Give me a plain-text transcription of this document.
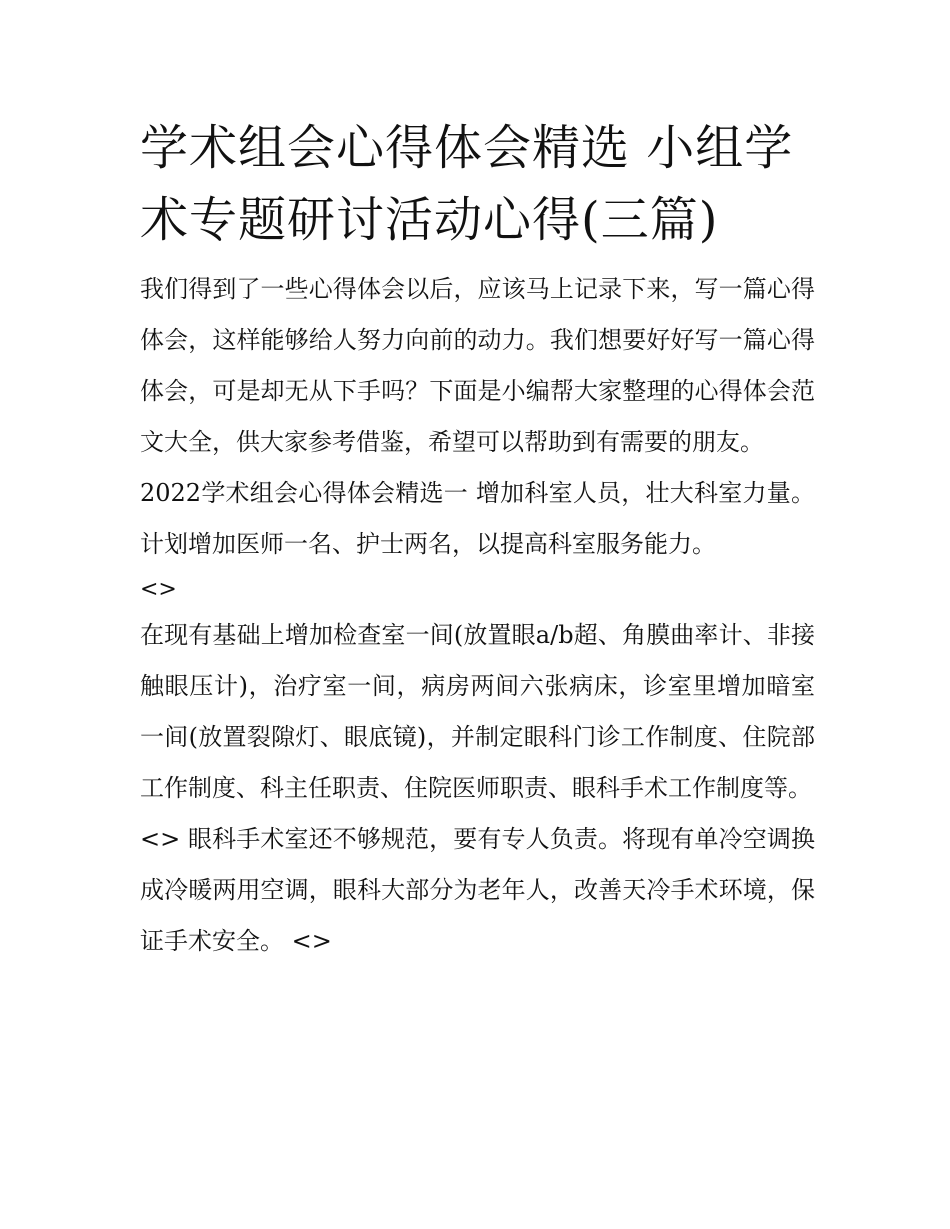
学术组会心得体会精选 小组学术专题研讨活动心得(三篇)

我们得到了一些心得体会以后，应该马上记录下来，写一篇心得体会，这样能够给人努力向前的动力。我们想要好好写一篇心得体会，可是却无从下手吗？下面是小编帮大家整理的心得体会范文大全，供大家参考借鉴，希望可以帮助到有需要的朋友。

2022学术组会心得体会精选一 增加科室人员，壮大科室力量。计划增加医师一名、护士两名，以提高科室服务能力。

<>

在现有基础上增加检查室一间(放置眼a/b超、角膜曲率计、非接触眼压计)，治疗室一间，病房两间六张病床，诊室里增加暗室一间(放置裂隙灯、眼底镜)，并制定眼科门诊工作制度、住院部工作制度、科主任职责、住院医师职责、眼科手术工作制度等。

<> 眼科手术室还不够规范，要有专人负责。将现有单冷空调换成冷暖两用空调，眼科大部分为老年人，改善天冷手术环境，保证手术安全。 <>
